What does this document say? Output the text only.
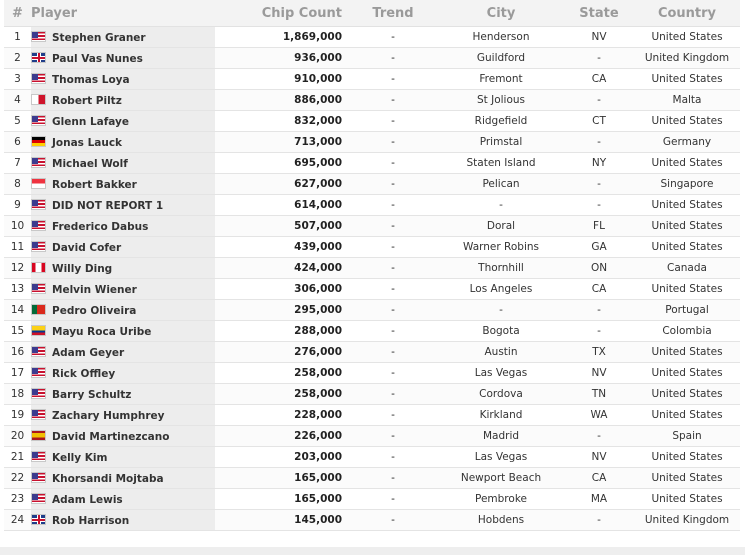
#	Player	Chip Count	Trend	City	State	Country
1	Stephen Graner	1,869,000	-	Henderson	NV	United States
2	Paul Vas Nunes	936,000	-	Guildford	-	United Kingdom
3	Thomas Loya	910,000	-	Fremont	CA	United States
4	Robert Piltz	886,000	-	St Jolious	-	Malta
5	Glenn Lafaye	832,000	-	Ridgefield	CT	United States
6	Jonas Lauck	713,000	-	Primstal	-	Germany
7	Michael Wolf	695,000	-	Staten Island	NY	United States
8	Robert Bakker	627,000	-	Pelican	-	Singapore
9	DID NOT REPORT 1	614,000	-	-	-	United States
10	Frederico Dabus	507,000	-	Doral	FL	United States
11	David Cofer	439,000	-	Warner Robins	GA	United States
12	Willy Ding	424,000	-	Thornhill	ON	Canada
13	Melvin Wiener	306,000	-	Los Angeles	CA	United States
14	Pedro Oliveira	295,000	-	-	-	Portugal
15	Mayu Roca Uribe	288,000	-	Bogota	-	Colombia
16	Adam Geyer	276,000	-	Austin	TX	United States
17	Rick Offley	258,000	-	Las Vegas	NV	United States
18	Barry Schultz	258,000	-	Cordova	TN	United States
19	Zachary Humphrey	228,000	-	Kirkland	WA	United States
20	David Martinezcano	226,000	-	Madrid	-	Spain
21	Kelly Kim	203,000	-	Las Vegas	NV	United States
22	Khorsandi Mojtaba	165,000	-	Newport Beach	CA	United States
23	Adam Lewis	165,000	-	Pembroke	MA	United States
24	Rob Harrison	145,000	-	Hobdens	-	United Kingdom
